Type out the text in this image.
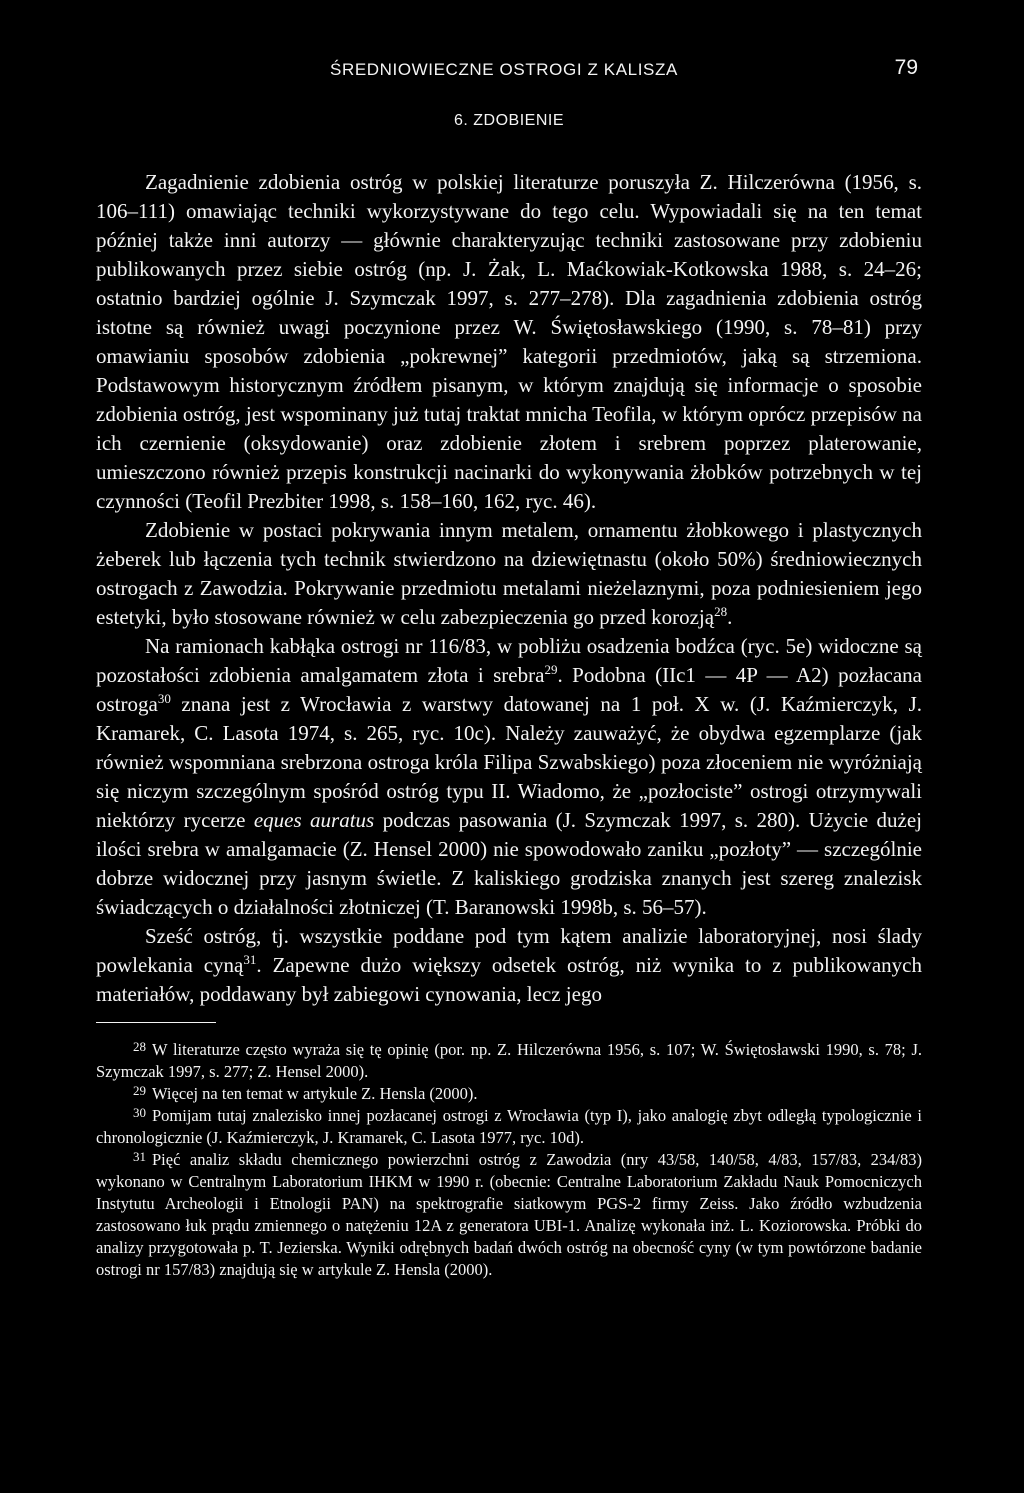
ŚREDNIOWIECZNE OSTROGI Z KALISZA	79
6. ZDOBIENIE

Zagadnienie zdobienia ostróg w polskiej literaturze poruszyła Z. Hilczerówna (1956, s. 106–111) omawiając techniki wykorzystywane do tego celu. Wypowiadali się na ten temat później także inni autorzy — głównie charakteryzując techniki zastosowane przy zdobieniu publikowanych przez siebie ostróg (np. J. Żak, L. Maćkowiak-Kotkowska 1988, s. 24–26; ostatnio bardziej ogólnie J. Szymczak 1997, s. 277–278). Dla zagadnienia zdobienia ostróg istotne są również uwagi poczynione przez W. Świętosławskiego (1990, s. 78–81) przy omawianiu sposobów zdobienia „pokrewnej” kategorii przedmiotów, jaką są strzemiona. Podstawowym historycznym źródłem pisanym, w którym znajdują się informacje o sposobie zdobienia ostróg, jest wspominany już tutaj traktat mnicha Teofila, w którym oprócz przepisów na ich czernienie (oksydowanie) oraz zdobienie złotem i srebrem poprzez platerowanie, umieszczono również przepis konstrukcji nacinarki do wykonywania żłobków potrzebnych w tej czynności (Teofil Prezbiter 1998, s. 158–160, 162, ryc. 46).

Zdobienie w postaci pokrywania innym metalem, ornamentu żłobkowego i plastycznych żeberek lub łączenia tych technik stwierdzono na dziewiętnastu (około 50%) średniowiecznych ostrogach z Zawodzia. Pokrywanie przedmiotu metalami nieżelaznymi, poza podniesieniem jego estetyki, było stosowane również w celu zabezpieczenia go przed korozją$^{28}$.

Na ramionach kabłąka ostrogi nr 116/83, w pobliżu osadzenia bodźca (ryc. 5e) widoczne są pozostałości zdobienia amalgamatem złota i srebra$^{29}$. Podobna (IIc1 — 4P — A2) pozłacana ostroga$^{30}$ znana jest z Wrocławia z warstwy datowanej na 1 poł. X w. (J. Kaźmierczyk, J. Kramarek, C. Lasota 1974, s. 265, ryc. 10c). Należy zauważyć, że obydwa egzemplarze (jak również wspomniana srebrzona ostroga króla Filipa Szwabskiego) poza złoceniem nie wyróżniają się niczym szczególnym spośród ostróg typu II. Wiadomo, że „pozłociste” ostrogi otrzymywali niektórzy rycerze eques auratus podczas pasowania (J. Szymczak 1997, s. 280). Użycie dużej ilości srebra w amalgamacie (Z. Hensel 2000) nie spowodowało zaniku „pozłoty” — szczególnie dobrze widocznej przy jasnym świetle. Z kaliskiego grodziska znanych jest szereg znalezisk świadczących o działalności złotniczej (T. Baranowski 1998b, s. 56–57).

Sześć ostróg, tj. wszystkie poddane pod tym kątem analizie laboratoryjnej, nosi ślady powlekania cyną$^{31}$. Zapewne dużo większy odsetek ostróg, niż wynika to z publikowanych materiałów, poddawany był zabiegowi cynowania, lecz jego

$^{28}$ W literaturze często wyraża się tę opinię (por. np. Z. Hilczerówna 1956, s. 107; W. Świętosławski 1990, s. 78; J. Szymczak 1997, s. 277; Z. Hensel 2000).

$^{29}$ Więcej na ten temat w artykule Z. Hensla (2000).

$^{30}$ Pomijam tutaj znalezisko innej pozłacanej ostrogi z Wrocławia (typ I), jako analogię zbyt odległą typologicznie i chronologicznie (J. Kaźmierczyk, J. Kramarek, C. Lasota 1977, ryc. 10d).

$^{31}$ Pięć analiz składu chemicznego powierzchni ostróg z Zawodzia (nry 43/58, 140/58, 4/83, 157/83, 234/83) wykonano w Centralnym Laboratorium IHKM w 1990 r. (obecnie: Centralne Laboratorium Zakładu Nauk Pomocniczych Instytutu Archeologii i Etnologii PAN) na spektrografie siatkowym PGS-2 firmy Zeiss. Jako źródło wzbudzenia zastosowano łuk prądu zmiennego o natężeniu 12A z generatora UBI-1. Analizę wykonała inż. L. Koziorowska. Próbki do analizy przygotowała p. T. Jezierska. Wyniki odrębnych badań dwóch ostróg na obecność cyny (w tym powtórzone badanie ostrogi nr 157/83) znajdują się w artykule Z. Hensla (2000).
